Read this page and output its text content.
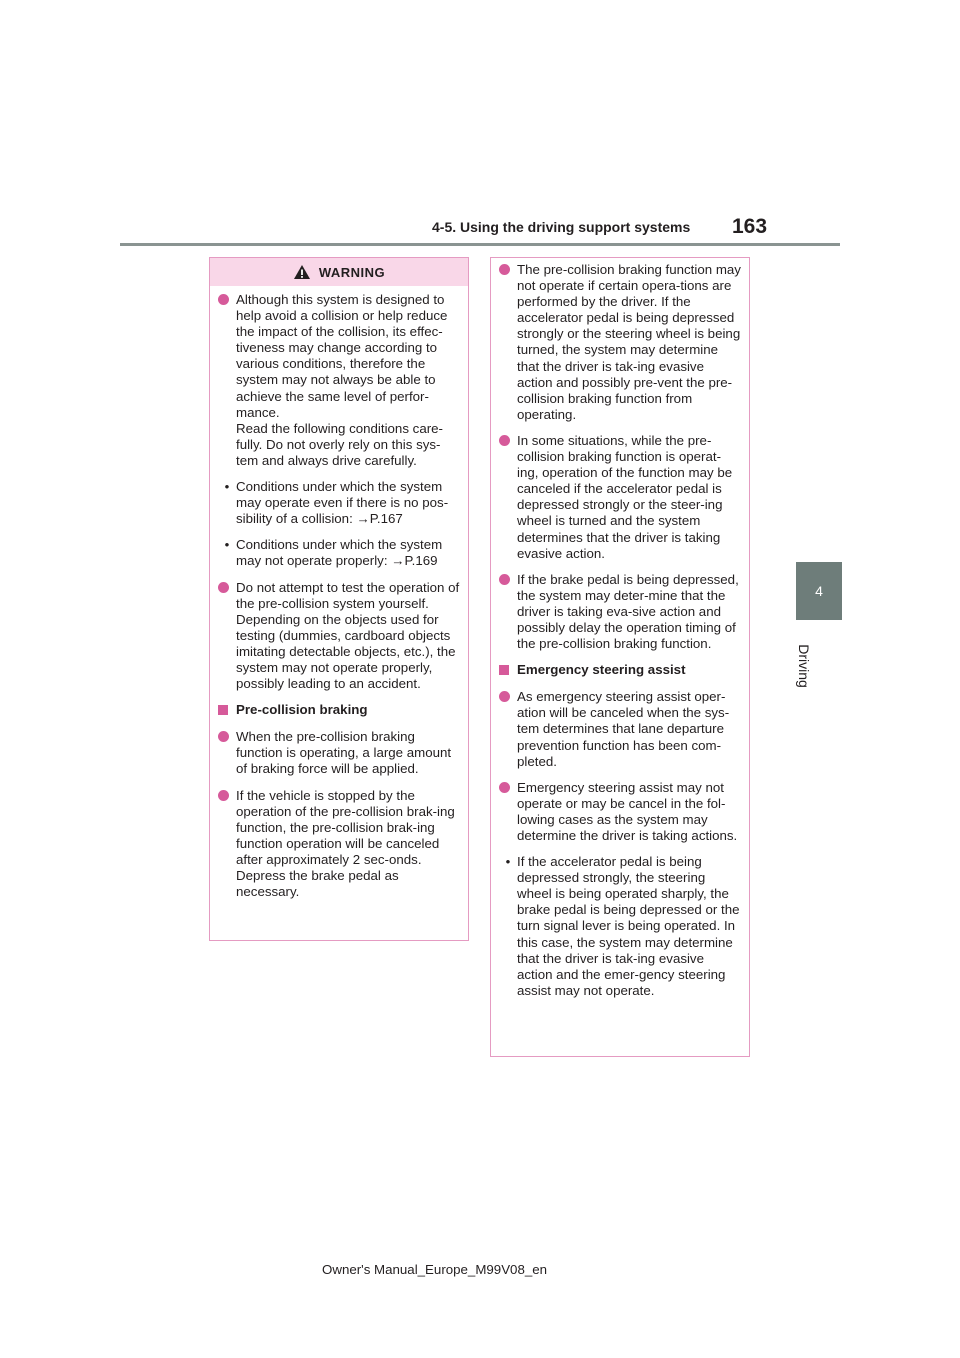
4-5. Using the driving support systems 163
4
Driving
WARNING
Although this system is designed to help avoid a collision or help reduce the impact of the collision, its effec-tiveness may change according to various conditions, therefore the system may not always be able to achieve the same level of perfor-mance.
Read the following conditions care-fully. Do not overly rely on this sys-tem and always drive carefully.
• Conditions under which the system may operate even if there is no pos-sibility of a collision: →P.167
• Conditions under which the system may not operate properly: →P.169
Do not attempt to test the operation of the pre-collision system yourself. Depending on the objects used for testing (dummies, cardboard objects imitating detectable objects, etc.), the system may not operate properly, possibly leading to an accident.
Pre-collision braking
When the pre-collision braking function is operating, a large amount of braking force will be applied.
If the vehicle is stopped by the operation of the pre-collision brak-ing function, the pre-collision brak-ing function operation will be canceled after approximately 2 sec-onds. Depress the brake pedal as necessary.
The pre-collision braking function may not operate if certain opera-tions are performed by the driver. If the accelerator pedal is being depressed strongly or the steering wheel is being turned, the system may determine that the driver is tak-ing evasive action and possibly pre-vent the pre-collision braking function from operating.
In some situations, while the pre-collision braking function is operat-ing, operation of the function may be canceled if the accelerator pedal is depressed strongly or the steer-ing wheel is turned and the system determines that the driver is taking evasive action.
If the brake pedal is being depressed, the system may deter-mine that the driver is taking eva-sive action and possibly delay the operation timing of the pre-collision braking function.
Emergency steering assist
As emergency steering assist oper-ation will be canceled when the sys-tem determines that lane departure prevention function has been com-pleted.
Emergency steering assist may not operate or may be cancel in the fol-lowing cases as the system may determine the driver is taking actions.
• If the accelerator pedal is being depressed strongly, the steering wheel is being operated sharply, the brake pedal is being depressed or the turn signal lever is being operated. In this case, the system may determine that the driver is tak-ing evasive action and the emer-gency steering assist may not operate.
Owner's Manual_Europe_M99V08_en
